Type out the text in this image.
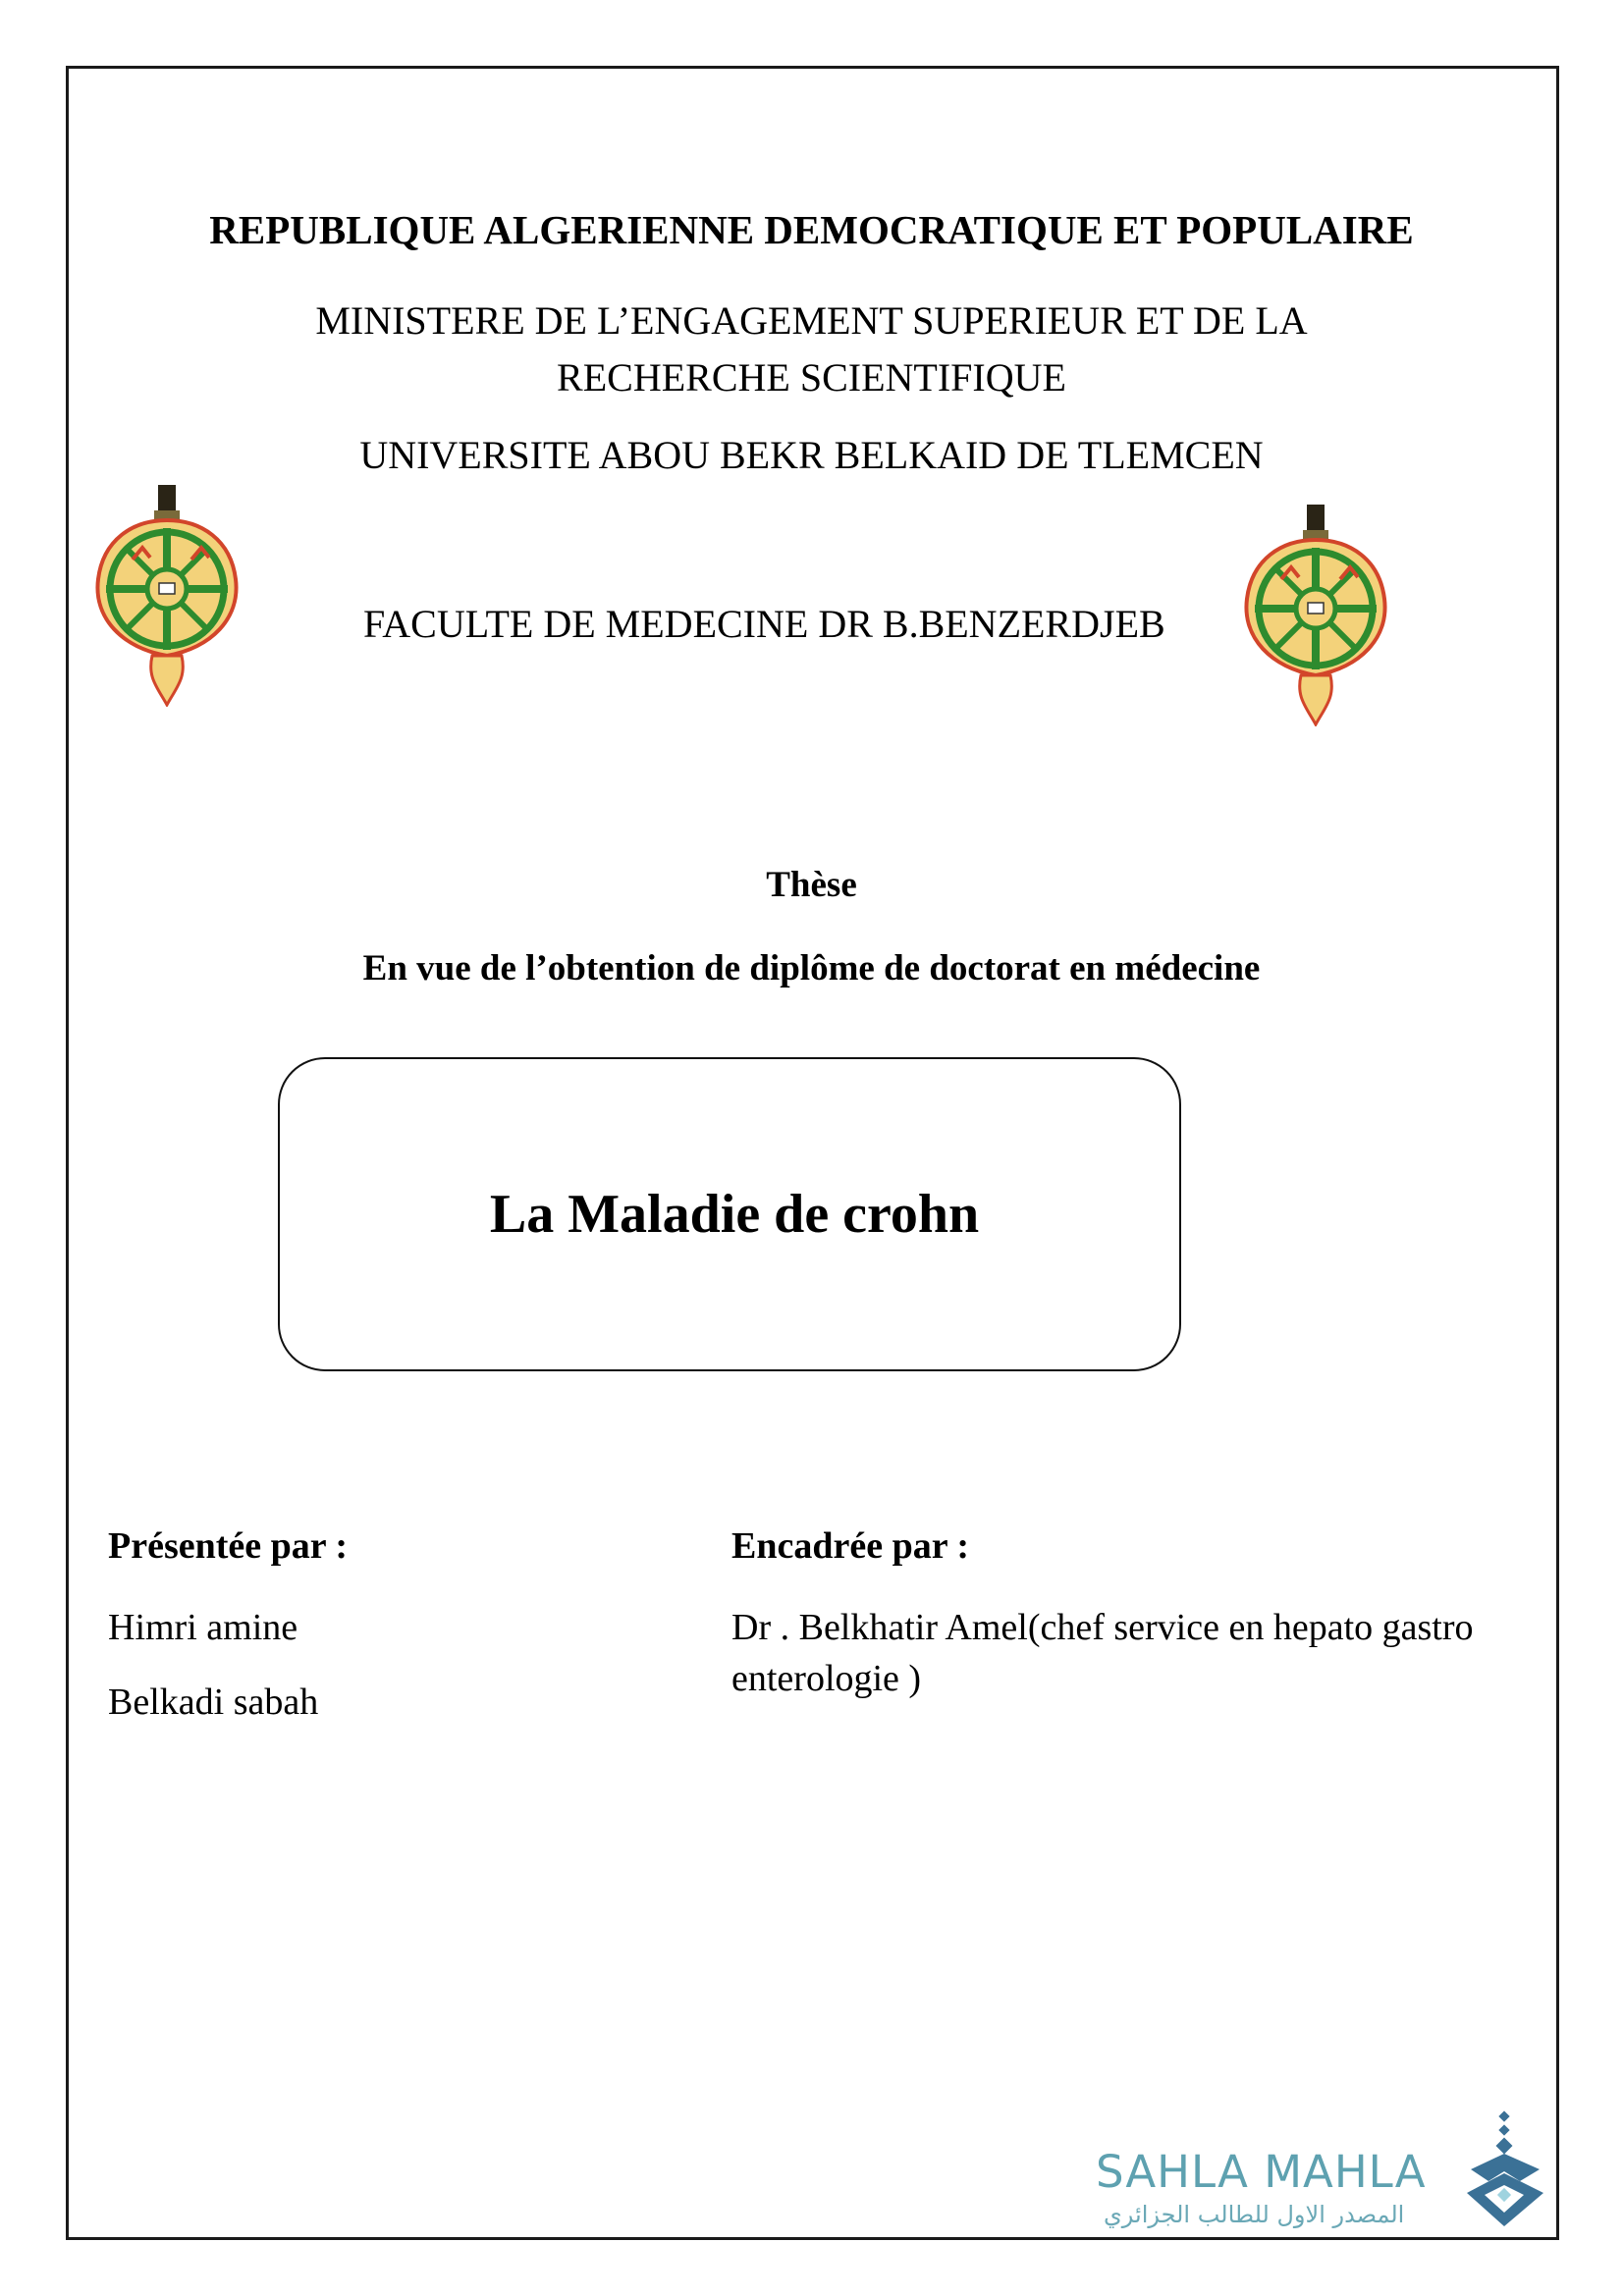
REPUBLIQUE ALGERIENNE DEMOCRATIQUE ET POPULAIRE
MINISTERE DE L’ENGAGEMENT SUPERIEUR ET DE LA
RECHERCHE SCIENTIFIQUE
UNIVERSITE ABOU BEKR BELKAID DE TLEMCEN
FACULTE DE MEDECINE DR B.BENZERDJEB
Thèse
En vue de l’obtention de diplôme de doctorat en médecine
La Maladie de crohn
Présentée par :
Himri amine
Belkadi sabah
Encadrée par :
Dr . Belkhatir Amel(chef service en hepato gastro enterologie )
SAHLA MAHLA
المصدر الاول للطالب الجزائري
